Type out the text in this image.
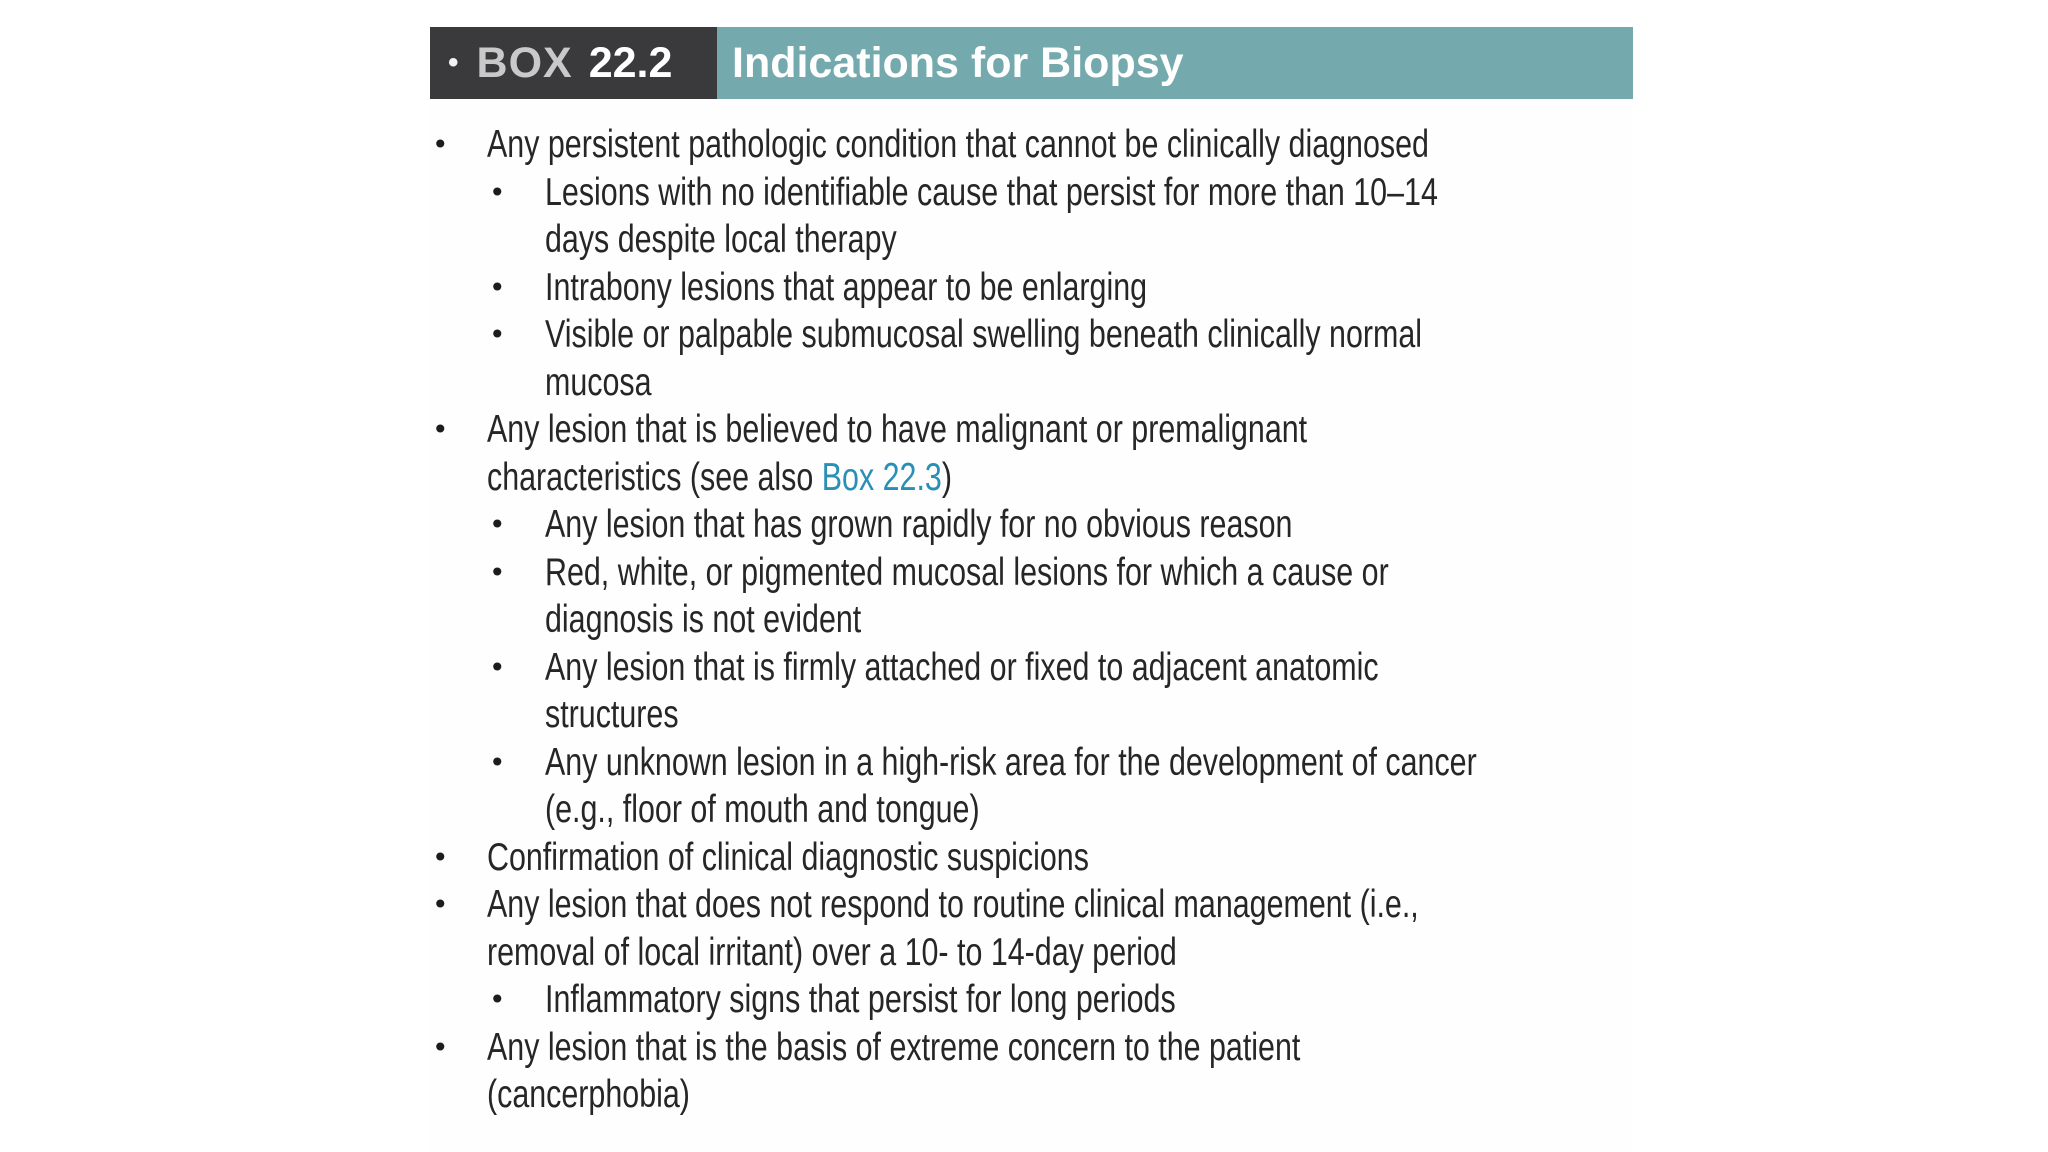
• BOX 22.2 Indications for Biopsy
• Any persistent pathologic condition that cannot be clinically diagnosed
• Lesions with no identifiable cause that persist for more than 10–14
days despite local therapy
• Intrabony lesions that appear to be enlarging
• Visible or palpable submucosal swelling beneath clinically normal
mucosa
• Any lesion that is believed to have malignant or premalignant
characteristics (see also Box 22.3)
• Any lesion that has grown rapidly for no obvious reason
• Red, white, or pigmented mucosal lesions for which a cause or
diagnosis is not evident
• Any lesion that is firmly attached or fixed to adjacent anatomic
structures
• Any unknown lesion in a high-risk area for the development of cancer
(e.g., floor of mouth and tongue)
• Confirmation of clinical diagnostic suspicions
• Any lesion that does not respond to routine clinical management (i.e.,
removal of local irritant) over a 10- to 14-day period
• Inflammatory signs that persist for long periods
• Any lesion that is the basis of extreme concern to the patient
(cancerphobia)
